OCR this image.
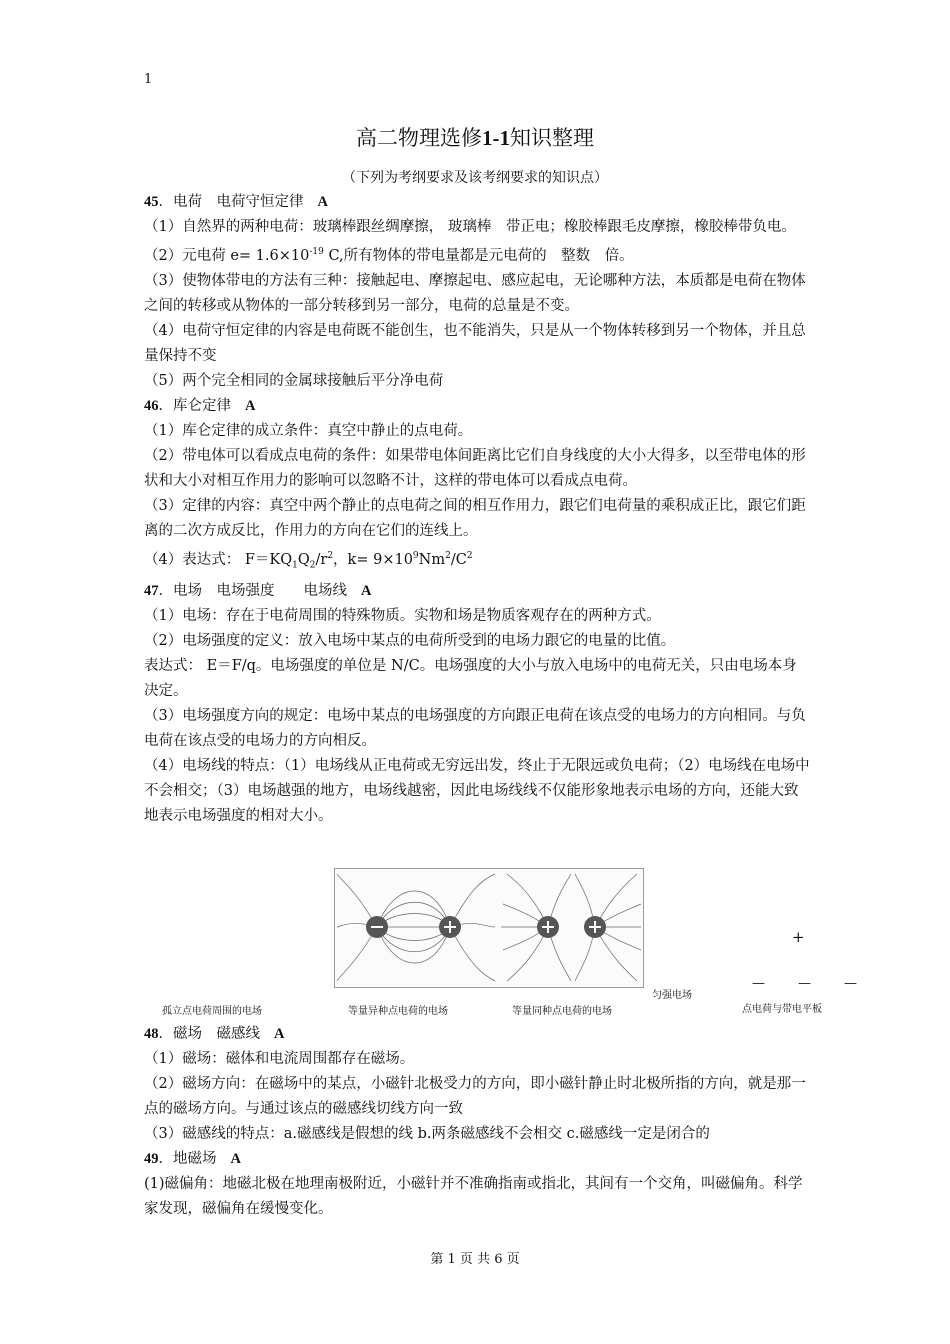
1
高二物理选修1-1知识整理
（下列为考纲要求及该考纲要求的知识点）

45．电荷　电荷守恒定律 A

（1）自然界的两种电荷：玻璃棒跟丝绸摩擦， 玻璃棒　带正电；橡胶棒跟毛皮摩擦，橡胶棒带负电。

（2）元电荷 $e= 1.6\times 10^{-19}$ C,所有物体的带电量都是元电荷的　整数　倍。

（3）使物体带电的方法有三种：接触起电、摩擦起电、感应起电，无论哪种方法，本质都是电荷在物体之间的转移或从物体的一部分转移到另一部分，电荷的总量是不变。

（4）电荷守恒定律的内容是电荷既不能创生，也不能消失，只是从一个物体转移到另一个物体，并且总量保持不变

（5）两个完全相同的金属球接触后平分净电荷

46．库仑定律 A

（1）库仑定律的成立条件：真空中静止的点电荷。

（2）带电体可以看成点电荷的条件：如果带电体间距离比它们自身线度的大小大得多，以至带电体的形状和大小对相互作用力的影响可以忽略不计，这样的带电体可以看成点电荷。

（3）定律的内容：真空中两个静止的点电荷之间的相互作用力，跟它们电荷量的乘积成正比，跟它们距离的二次方成反比，作用力的方向在它们的连线上。

（4）表达式： $F=KQ_1Q_2/r^2$，$k= 9\times 10^9Nm^2/C^2$

47．电场　电场强度　　电场线 A

（1）电场：存在于电荷周围的特殊物质。实物和场是物质客观存在的两种方式。

（2）电场强度的定义：放入电场中某点的电荷所受到的电场力跟它的电量的比值。

表达式： E＝F/q。电场强度的单位是 N/C。电场强度的大小与放入电场中的电荷无关，只由电场本身决定。

（3）电场强度方向的规定：电场中某点的电场强度的方向跟正电荷在该点受的电场力的方向相同。与负电荷在该点受的电场力的方向相反。

（4）电场线的特点：（1）电场线从正电荷或无穷远出发，终止于无限远或负电荷；（2）电场线在电场中不会相交；（3）电场越强的地方，电场线越密，因此电场线线不仅能形象地表示电场的方向，还能大致地表示电场强度的相对大小。

孤立点电荷周围的电场	等量异种点电荷的电场	等量同种点电荷的电场
匀强电场
点电荷与带电平板
+
—	—	—

48．磁场　磁感线 A

（1）磁场：磁体和电流周围都存在磁场。

（2）磁场方向：在磁场中的某点，小磁针北极受力的方向，即小磁针静止时北极所指的方向，就是那一点的磁场方向。与通过该点的磁感线切线方向一致

（3）磁感线的特点：a.磁感线是假想的线 b.两条磁感线不会相交 c.磁感线一定是闭合的

49．地磁场 A

(1)磁偏角：地磁北极在地理南极附近，小磁针并不准确指南或指北，其间有一个交角，叫磁偏角。科学家发现，磁偏角在缓慢变化。

第 1 页 共 6 页
